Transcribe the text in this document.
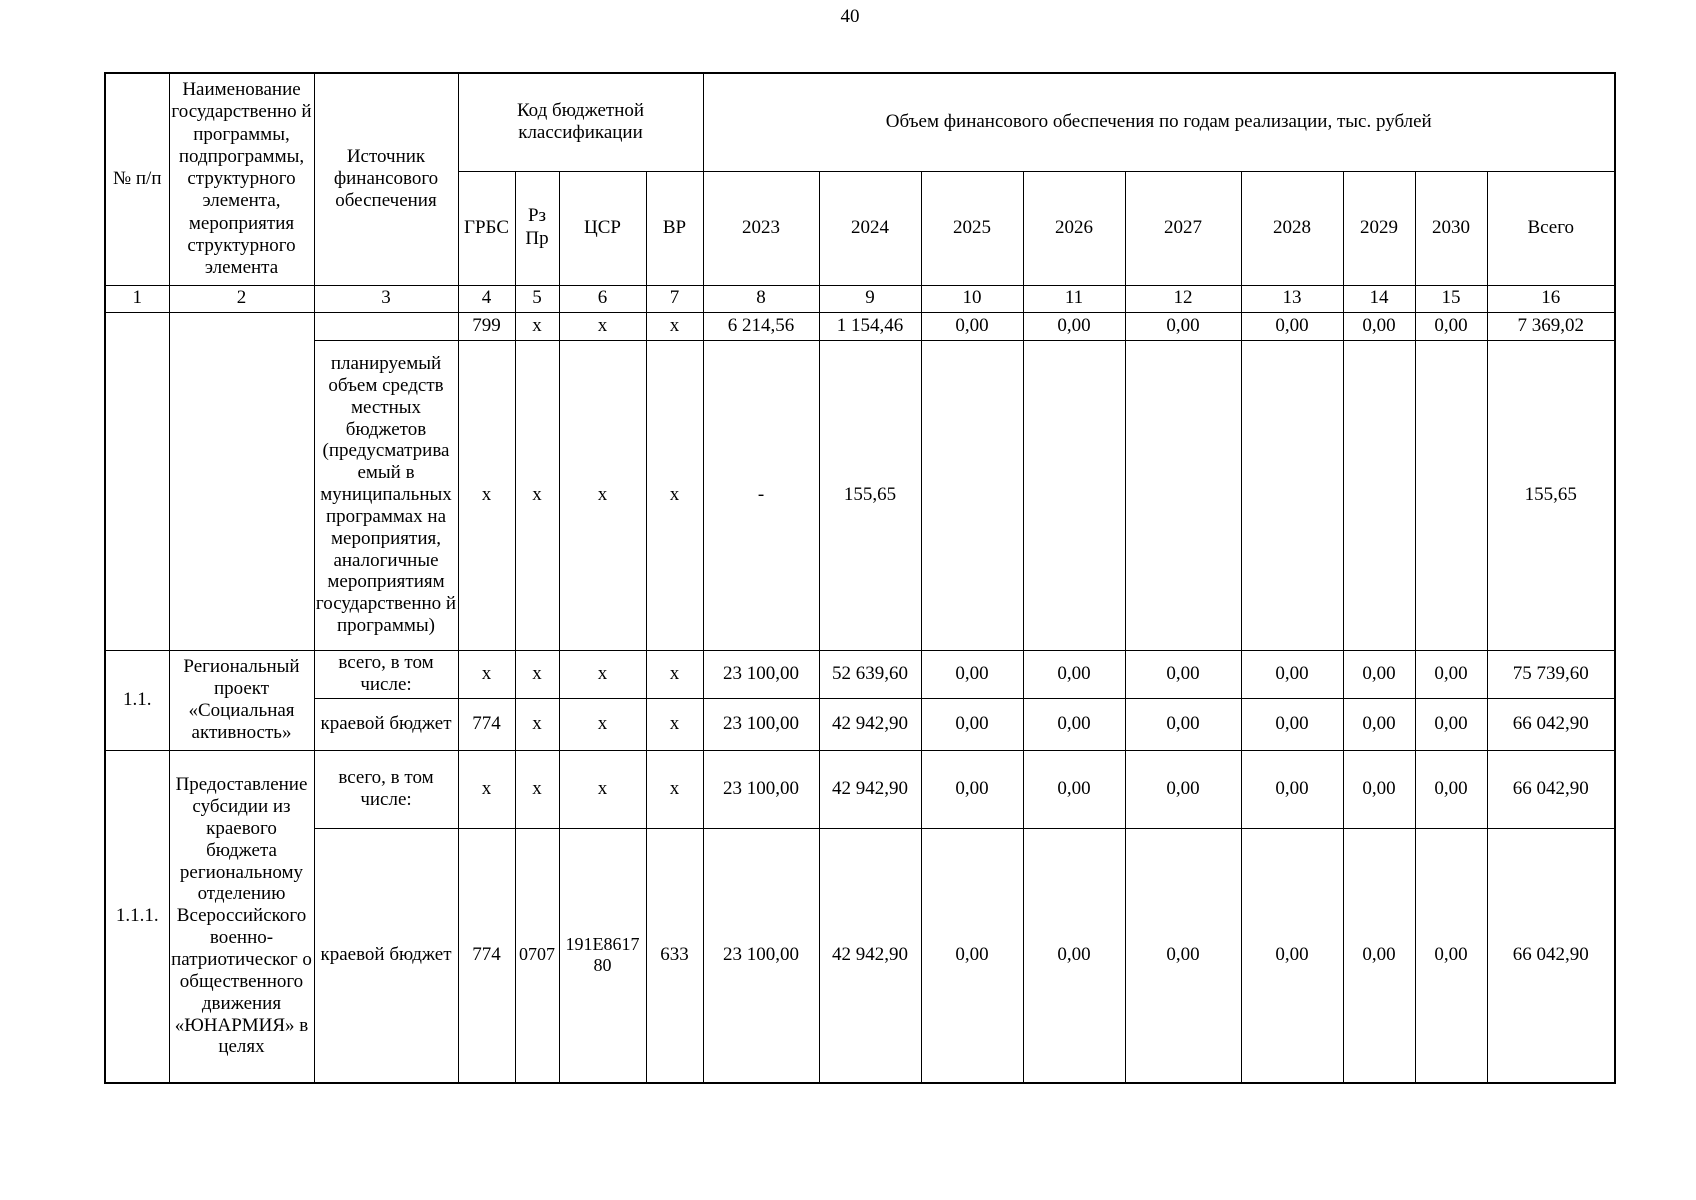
40
№ п/п	Наименование государственно й программы, подпрограммы, структурного элемента, мероприятия структурного элемента	Источник финансового обеспечения	Код бюджетной классификации				Объем финансового обеспечения по годам реализации, тыс. рублей								
			ГРБС	Рз Пр	ЦСР	ВР	2023	2024	2025	2026	2027	2028	2029	2030	Всего
1	2	3	4	5	6	7	8	9	10	11	12	13	14	15	16
			799	х	х	х	6 214,56	1 154,46	0,00	0,00	0,00	0,00	0,00	0,00	7 369,02
		планируемый объем средств местных бюджетов (предусматрива емый в муниципальных программах на мероприятия, аналогичные мероприятиям государственно й программы)	х	х	х	х	-	155,65							155,65
1.1.	Региональный проект «Социальная активность»	всего, в том числе:	х	х	х	х	23 100,00	52 639,60	0,00	0,00	0,00	0,00	0,00	0,00	75 739,60
		краевой бюджет	774	х	х	х	23 100,00	42 942,90	0,00	0,00	0,00	0,00	0,00	0,00	66 042,90
1.1.1.	Предоставление субсидии из краевого бюджета региональному отделению Всероссийского военно- патриотическог о общественного движения «ЮНАРМИЯ» в целях	всего, в том числе:	х	х	х	х	23 100,00	42 942,90	0,00	0,00	0,00	0,00	0,00	0,00	66 042,90
		краевой бюджет	774	0707	191Е8617 80	633	23 100,00	42 942,90	0,00	0,00	0,00	0,00	0,00	0,00	66 042,90
